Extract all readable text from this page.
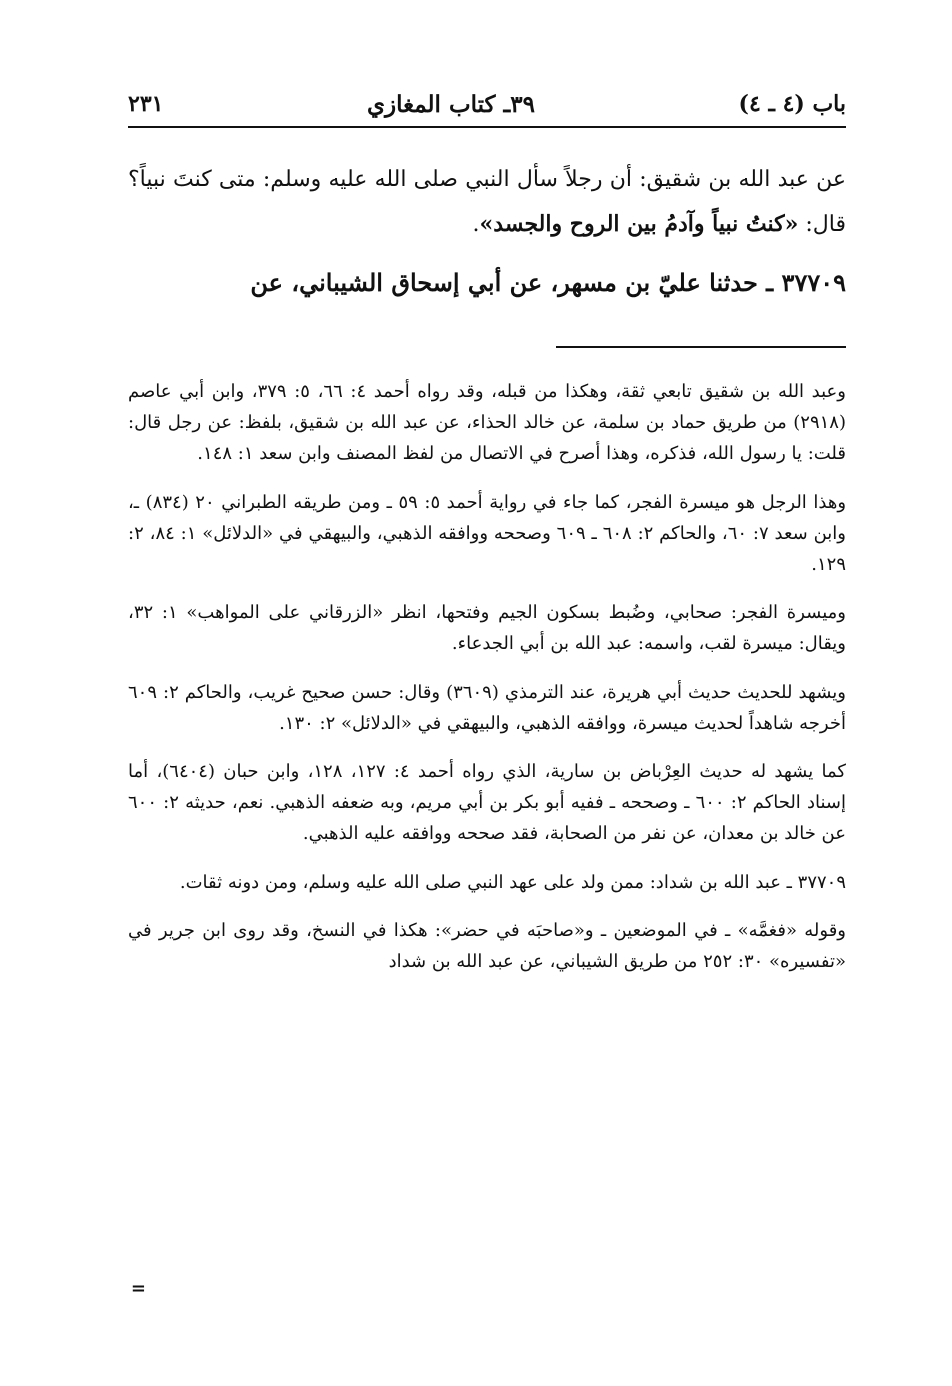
باب (٤ ـ ٤)
٣٩ـ كتاب المغازي
٢٣١

عن عبد الله بن شقيق: أن رجلاً سأل النبي صلى الله عليه وسلم: متى كنتَ نبياً؟ قال: «كنتُ نبياً وآدمُ بين الروح والجسد».

٣٧٧٠٩ ـ حدثنا عليّ بن مسهر، عن أبي إسحاق الشيباني، عن

وعبد الله بن شقيق تابعي ثقة، وهكذا من قبله، وقد رواه أحمد ٤: ٦٦، ٥: ٣٧٩، وابن أبي عاصم (٢٩١٨) من طريق حماد بن سلمة، عن خالد الحذاء، عن عبد الله بن شقيق، بلفظ: عن رجل قال: قلت: يا رسول الله، فذكره، وهذا أصرح في الاتصال من لفظ المصنف وابن سعد ١: ١٤٨.

وهذا الرجل هو ميسرة الفجر، كما جاء في رواية أحمد ٥: ٥٩ ـ ومن طريقه الطبراني ٢٠ (٨٣٤) ـ، وابن سعد ٧: ٦٠، والحاكم ٢: ٦٠٨ ـ ٦٠٩ وصححه ووافقه الذهبي، والبيهقي في «الدلائل» ١: ٨٤، ٢: ١٢٩.

وميسرة الفجر: صحابي، وضُبط بسكون الجيم وفتحها، انظر «الزرقاني على المواهب» ١: ٣٢، ويقال: ميسرة لقب، واسمه: عبد الله بن أبي الجدعاء.

ويشهد للحديث حديث أبي هريرة، عند الترمذي (٣٦٠٩) وقال: حسن صحيح غريب، والحاكم ٢: ٦٠٩ أخرجه شاهداً لحديث ميسرة، ووافقه الذهبي، والبيهقي في «الدلائل» ٢: ١٣٠.

كما يشهد له حديث العِرْباض بن سارية، الذي رواه أحمد ٤: ١٢٧، ١٢٨، وابن حبان (٦٤٠٤)، أما إسناد الحاكم ٢: ٦٠٠ ـ وصححه ـ ففيه أبو بكر بن أبي مريم، وبه ضعفه الذهبي. نعم، حديثه ٢: ٦٠٠ عن خالد بن معدان، عن نفر من الصحابة، فقد صححه ووافقه عليه الذهبي.

٣٧٧٠٩ ـ عبد الله بن شداد: ممن ولد على عهد النبي صلى الله عليه وسلم، ومن دونه ثقات.

وقوله «فغمَّه» ـ في الموضعين ـ و«صاحبَه في حضر»: هكذا في النسخ، وقد روى ابن جرير في «تفسيره» ٣٠: ٢٥٢ من طريق الشيباني، عن عبد الله بن شداد

=
